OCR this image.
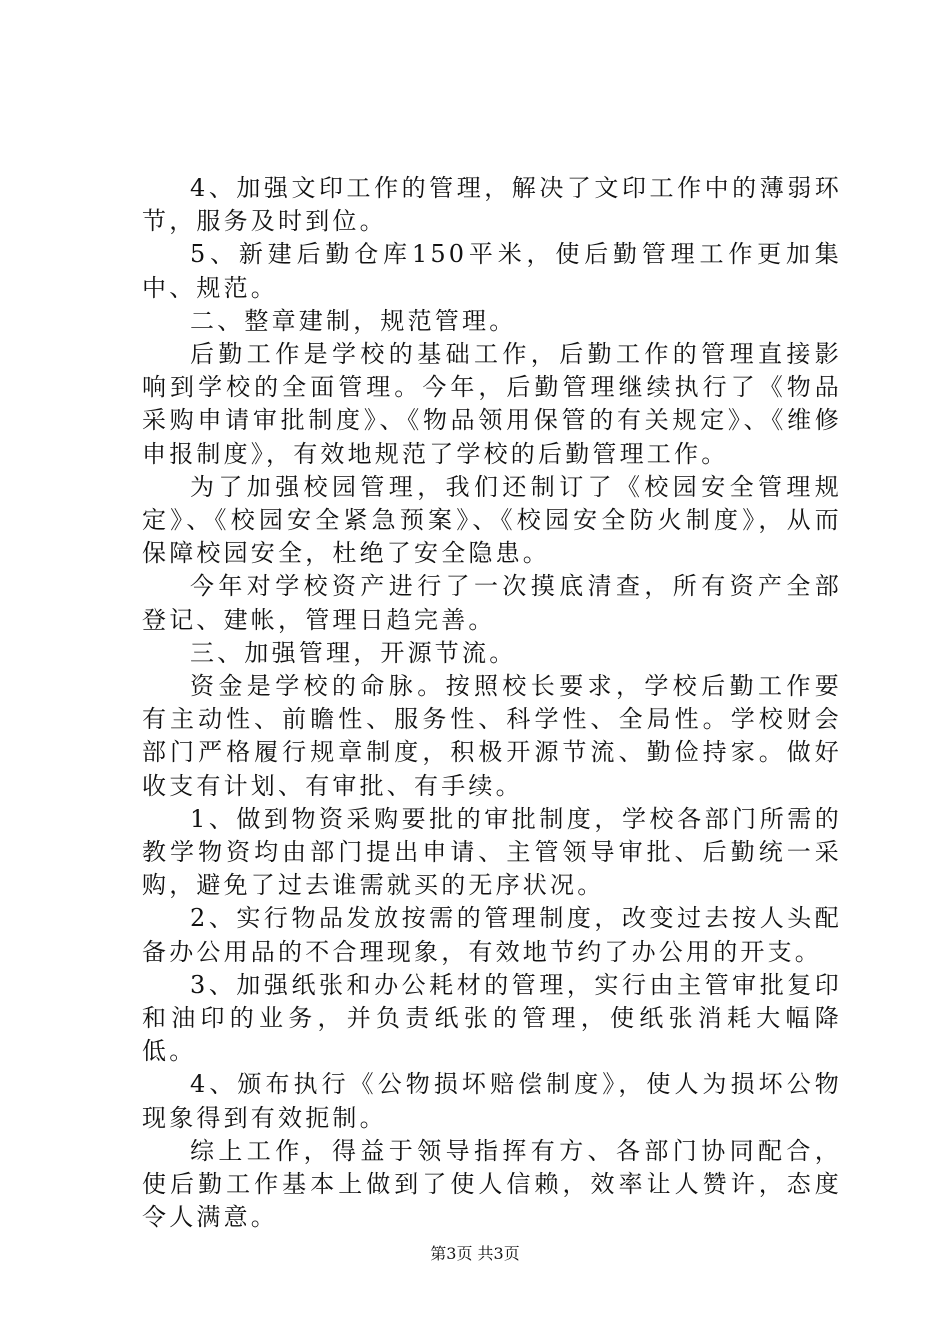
4、加强文印工作的管理，解决了文印工作中的薄弱环节，服务及时到位。

5、新建后勤仓库150平米，使后勤管理工作更加集中、规范。

二、整章建制，规范管理。

后勤工作是学校的基础工作，后勤工作的管理直接影响到学校的全面管理。今年，后勤管理继续执行了《物品采购申请审批制度》、《物品领用保管的有关规定》、《维修申报制度》，有效地规范了学校的后勤管理工作。

为了加强校园管理，我们还制订了《校园安全管理规定》、《校园安全紧急预案》、《校园安全防火制度》，从而保障校园安全，杜绝了安全隐患。

今年对学校资产进行了一次摸底清查，所有资产全部登记、建帐，管理日趋完善。

三、加强管理，开源节流。

资金是学校的命脉。按照校长要求，学校后勤工作要有主动性、前瞻性、服务性、科学性、全局性。学校财会部门严格履行规章制度，积极开源节流、勤俭持家。做好收支有计划、有审批、有手续。

1、做到物资采购要批的审批制度，学校各部门所需的教学物资均由部门提出申请、主管领导审批、后勤统一采购，避免了过去谁需就买的无序状况。

2、实行物品发放按需的管理制度，改变过去按人头配备办公用品的不合理现象，有效地节约了办公用的开支。

3、加强纸张和办公耗材的管理，实行由主管审批复印和油印的业务，并负责纸张的管理，使纸张消耗大幅降低。

4、颁布执行《公物损坏赔偿制度》，使人为损坏公物现象得到有效扼制。

综上工作，得益于领导指挥有方、各部门协同配合，使后勤工作基本上做到了使人信赖，效率让人赞许，态度令人满意。

第3页 共3页
